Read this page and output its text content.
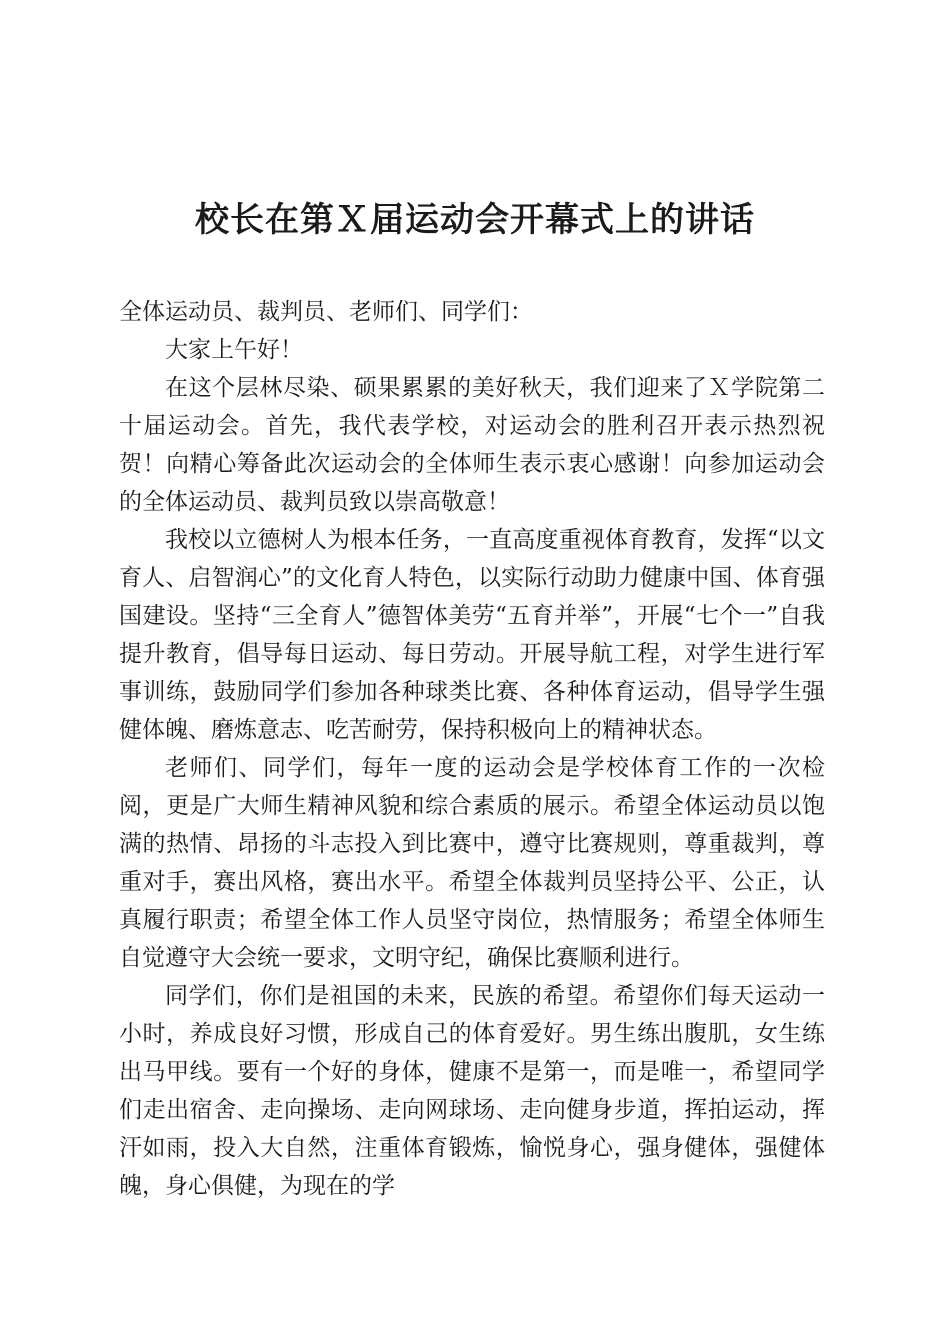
校长在第Ｘ届运动会开幕式上的讲话

全体运动员、裁判员、老师们、同学们：

大家上午好！

在这个层林尽染、硕果累累的美好秋天，我们迎来了Ｘ学院第二十届运动会。首先，我代表学校，对运动会的胜利召开表示热烈祝贺！向精心筹备此次运动会的全体师生表示衷心感谢！向参加运动会的全体运动员、裁判员致以崇高敬意！

我校以立德树人为根本任务，一直高度重视体育教育，发挥“以文育人、启智润心”的文化育人特色，以实际行动助力健康中国、体育强国建设。坚持“三全育人”德智体美劳“五育并举”，开展“七个一”自我提升教育，倡导每日运动、每日劳动。开展导航工程，对学生进行军事训练，鼓励同学们参加各种球类比赛、各种体育运动，倡导学生强健体魄、磨炼意志、吃苦耐劳，保持积极向上的精神状态。

老师们、同学们，每年一度的运动会是学校体育工作的一次检阅，更是广大师生精神风貌和综合素质的展示。希望全体运动员以饱满的热情、昂扬的斗志投入到比赛中，遵守比赛规则，尊重裁判，尊重对手，赛出风格，赛出水平。希望全体裁判员坚持公平、公正，认真履行职责；希望全体工作人员坚守岗位，热情服务；希望全体师生自觉遵守大会统一要求，文明守纪，确保比赛顺利进行。

同学们，你们是祖国的未来，民族的希望。希望你们每天运动一小时，养成良好习惯，形成自己的体育爱好。男生练出腹肌，女生练出马甲线。要有一个好的身体，健康不是第一，而是唯一，希望同学们走出宿舍、走向操场、走向网球场、走向健身步道，挥拍运动，挥汗如雨，投入大自然，注重体育锻炼，愉悦身心，强身健体，强健体魄，身心俱健，为现在的学
